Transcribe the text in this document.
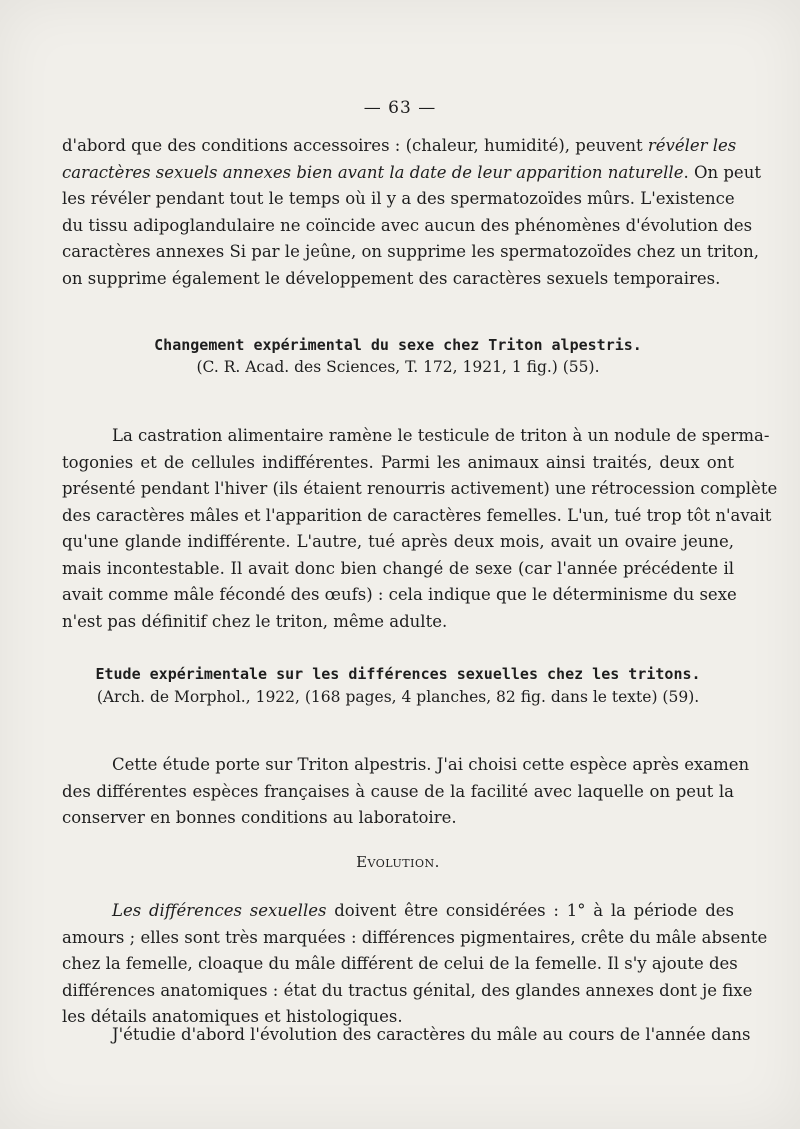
— 63 —
d'abord que des conditions accessoires : (chaleur, humidité), peuvent révéler les
caractères sexuels annexes bien avant la date de leur apparition naturelle. On peut
les révéler pendant tout le temps où il y a des spermatozoïdes mûrs. L'existence
du tissu adipoglandulaire ne coïncide avec aucun des phénomènes d'évolution des
caractères annexes Si par le jeûne, on supprime les spermatozoïdes chez un triton,
on supprime également le développement des caractères sexuels temporaires.
Changement expérimental du sexe chez Triton alpestris.
(C. R. Acad. des Sciences, T. 172, 1921, 1 fig.) (55).
La castration alimentaire ramène le testicule de triton à un nodule de sperma-
togonies et de cellules indifférentes. Parmi les animaux ainsi traités, deux ont
présenté pendant l'hiver (ils étaient renourris activement) une rétrocession complète
des caractères mâles et l'apparition de caractères femelles. L'un, tué trop tôt n'avait
qu'une glande indifférente. L'autre, tué après deux mois, avait un ovaire jeune,
mais incontestable. Il avait donc bien changé de sexe (car l'année précédente il
avait comme mâle fécondé des œufs) : cela indique que le déterminisme du sexe
n'est pas définitif chez le triton, même adulte.
Etude expérimentale sur les différences sexuelles chez les tritons.
(Arch. de Morphol., 1922, (168 pages, 4 planches, 82 fig. dans le texte) (59).
Cette étude porte sur Triton alpestris. J'ai choisi cette espèce après examen
des différentes espèces françaises à cause de la facilité avec laquelle on peut la
conserver en bonnes conditions au laboratoire.
Evolution.
Les différences sexuelles doivent être considérées : 1° à la période des
amours ; elles sont très marquées : différences pigmentaires, crête du mâle absente
chez la femelle, cloaque du mâle différent de celui de la femelle. Il s'y ajoute des
différences anatomiques : état du tractus génital, des glandes annexes dont je fixe
les détails anatomiques et histologiques.
J'étudie d'abord l'évolution des caractères du mâle au cours de l'année dans
